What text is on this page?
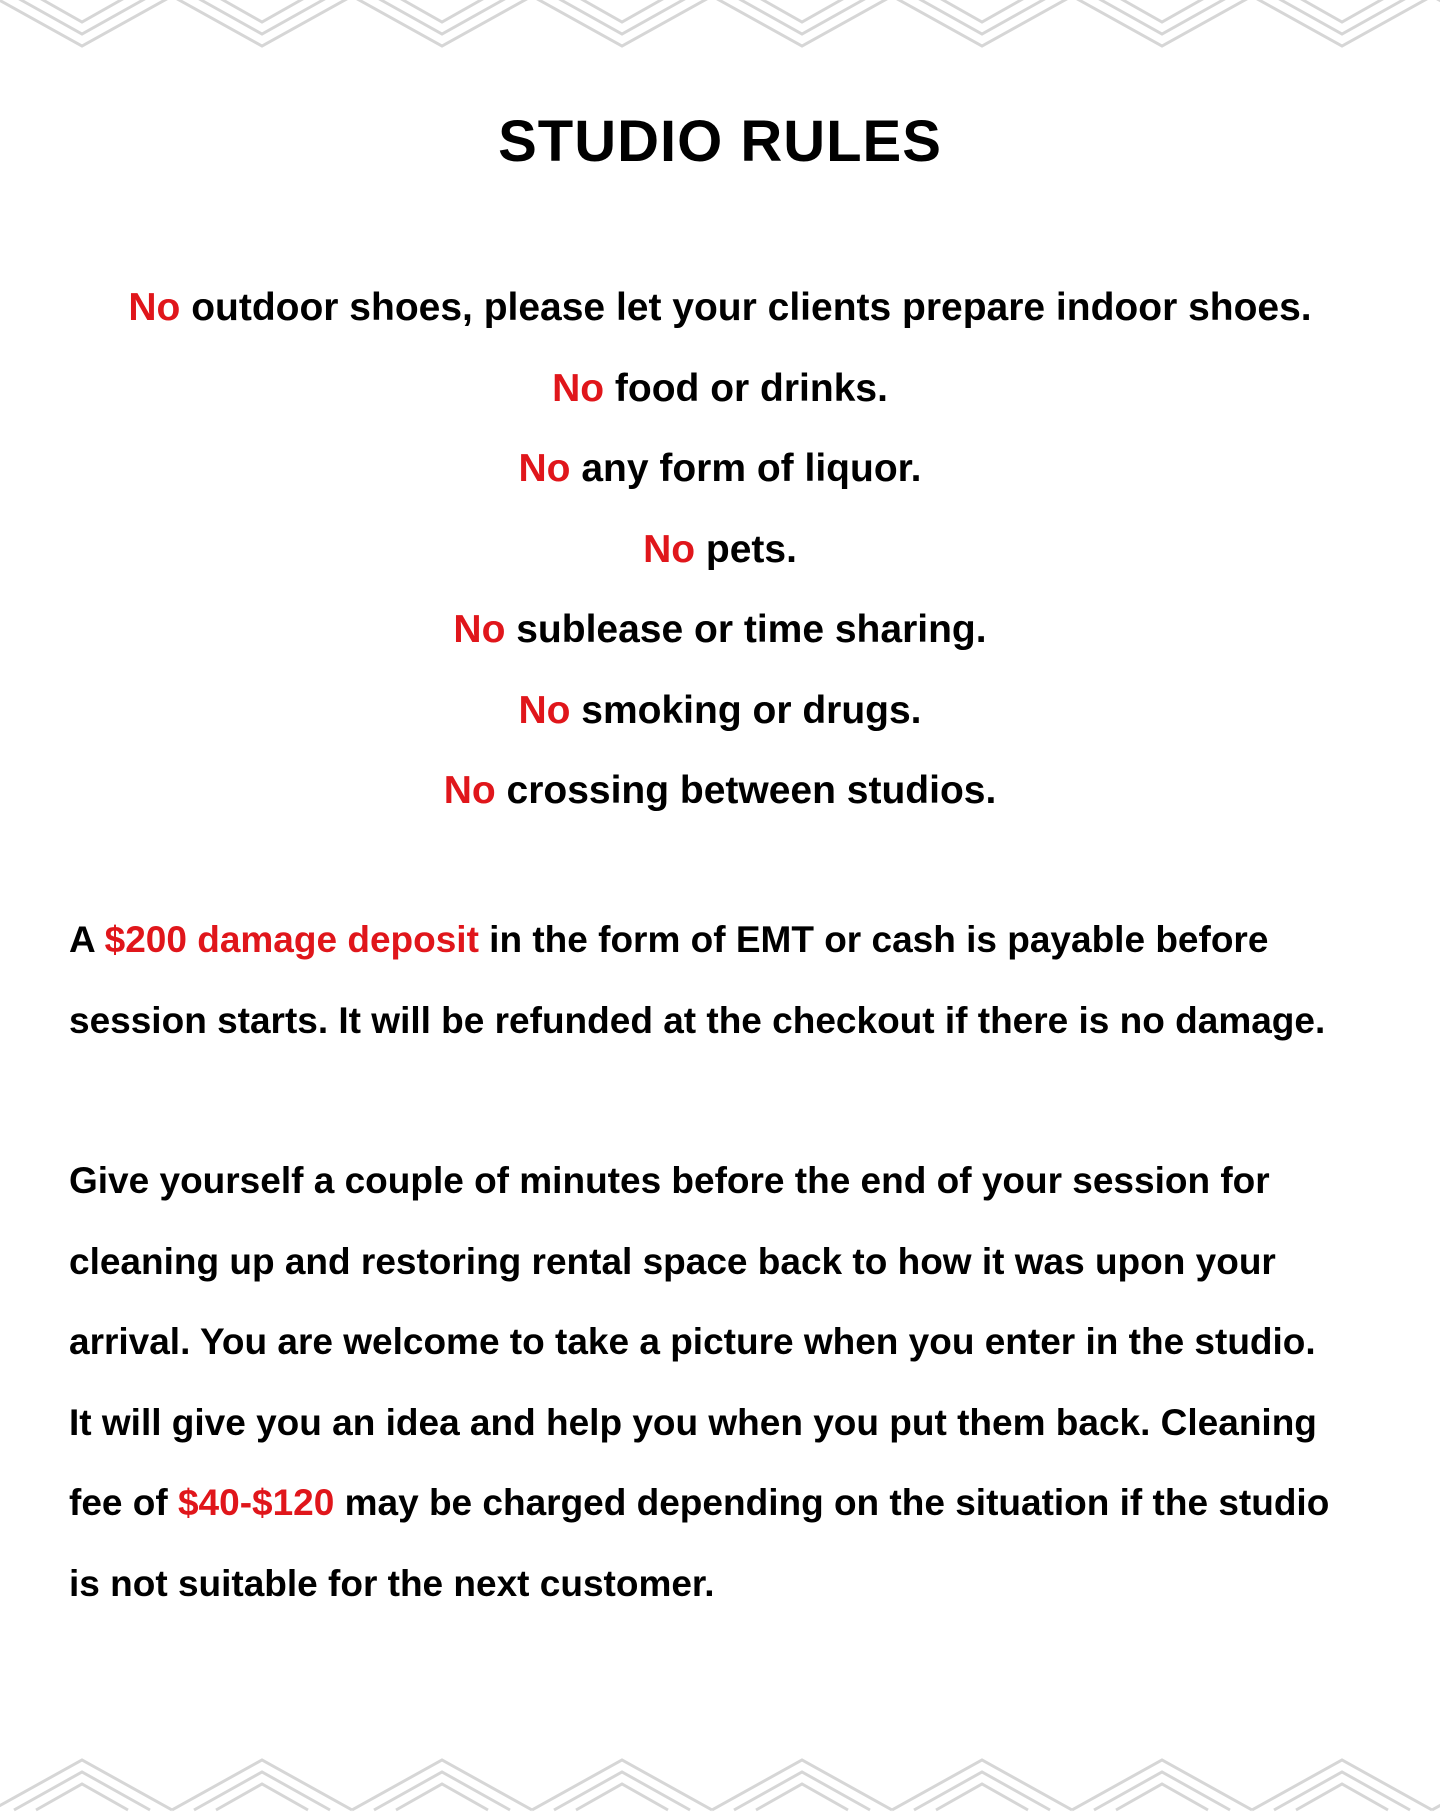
STUDIO RULES
No outdoor shoes, please let your clients prepare indoor shoes.
No food or drinks.
No any form of liquor.
No pets.
No sublease or time sharing.
No smoking or drugs.
No crossing between studios.

A $200 damage deposit in the form of EMT or cash is payable before
session starts. It will be refunded at the checkout if there is no damage.

Give yourself a couple of minutes before the end of your session for
cleaning up and restoring rental space back to how it was upon your
arrival. You are welcome to take a picture when you enter in the studio.
It will give you an idea and help you when you put them back. Cleaning
fee of $40-$120 may be charged depending on the situation if the studio
is not suitable for the next customer.
